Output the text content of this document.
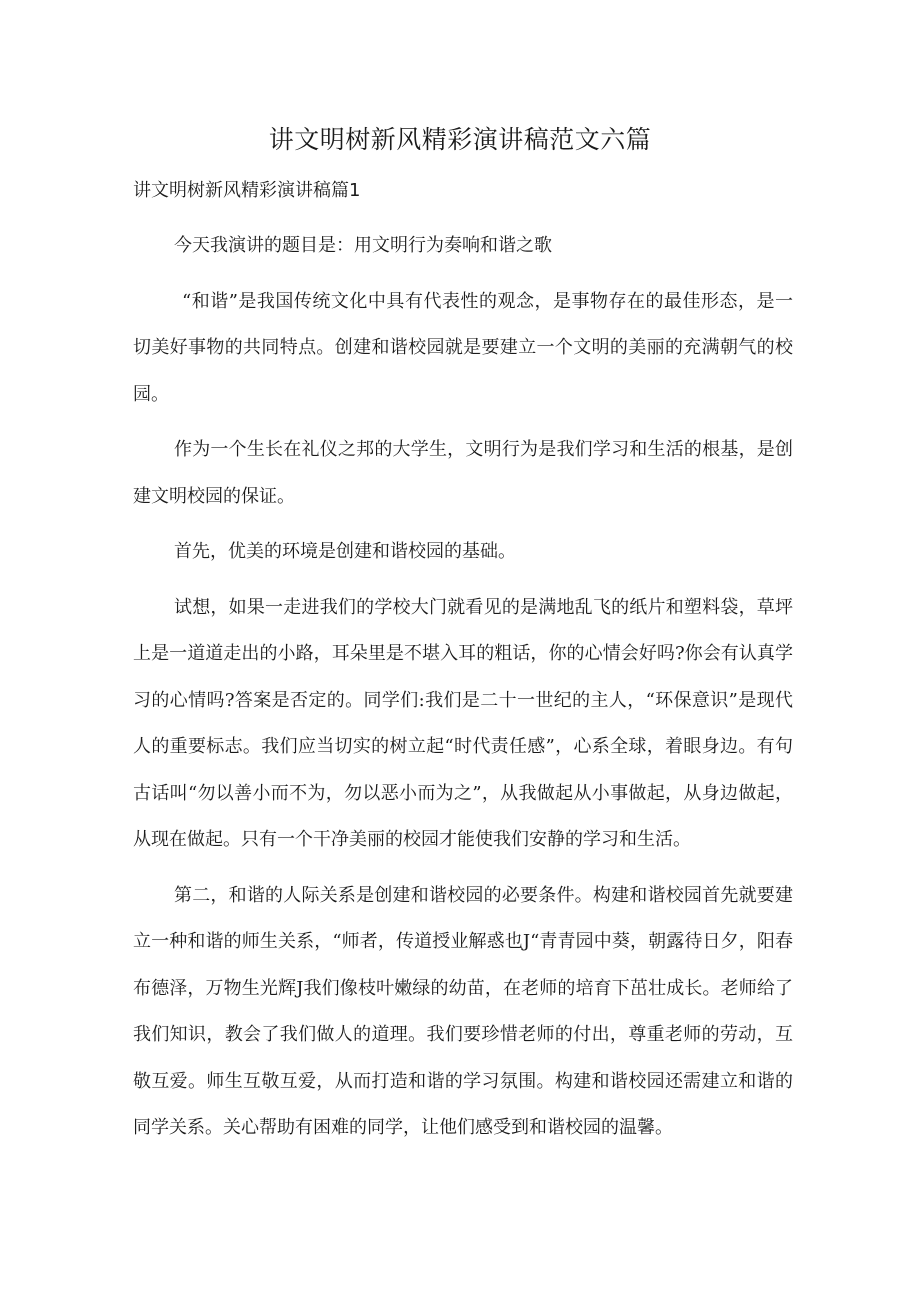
讲文明树新风精彩演讲稿范文六篇
讲文明树新风精彩演讲稿篇1

今天我演讲的题目是：用文明行为奏响和谐之歌

“和谐”是我国传统文化中具有代表性的观念，是事物存在的最佳形态，是一切美好事物的共同特点。创建和谐校园就是要建立一个文明的美丽的充满朝气的校园。

作为一个生长在礼仪之邦的大学生，文明行为是我们学习和生活的根基，是创建文明校园的保证。

首先，优美的环境是创建和谐校园的基础。

试想，如果一走进我们的学校大门就看见的是满地乱飞的纸片和塑料袋，草坪上是一道道走出的小路，耳朵里是不堪入耳的粗话，你的心情会好吗?你会有认真学习的心情吗?答案是否定的。同学们:我们是二十一世纪的主人，“环保意识”是现代人的重要标志。我们应当切实的树立起“时代责任感”，心系全球，着眼身边。有句古话叫“勿以善小而不为，勿以恶小而为之”，从我做起从小事做起，从身边做起，从现在做起。只有一个干净美丽的校园才能使我们安静的学习和生活。

第二，和谐的人际关系是创建和谐校园的必要条件。构建和谐校园首先就要建立一种和谐的师生关系，“师者，传道授业解惑也J“青青园中葵，朝露待日夕，阳春布德泽，万物生光辉J我们像枝叶嫩绿的幼苗，在老师的培育下茁壮成长。老师给了我们知识，教会了我们做人的道理。我们要珍惜老师的付出，尊重老师的劳动，互敬互爱。师生互敬互爱，从而打造和谐的学习氛围。构建和谐校园还需建立和谐的同学关系。关心帮助有困难的同学，让他们感受到和谐校园的温馨。
